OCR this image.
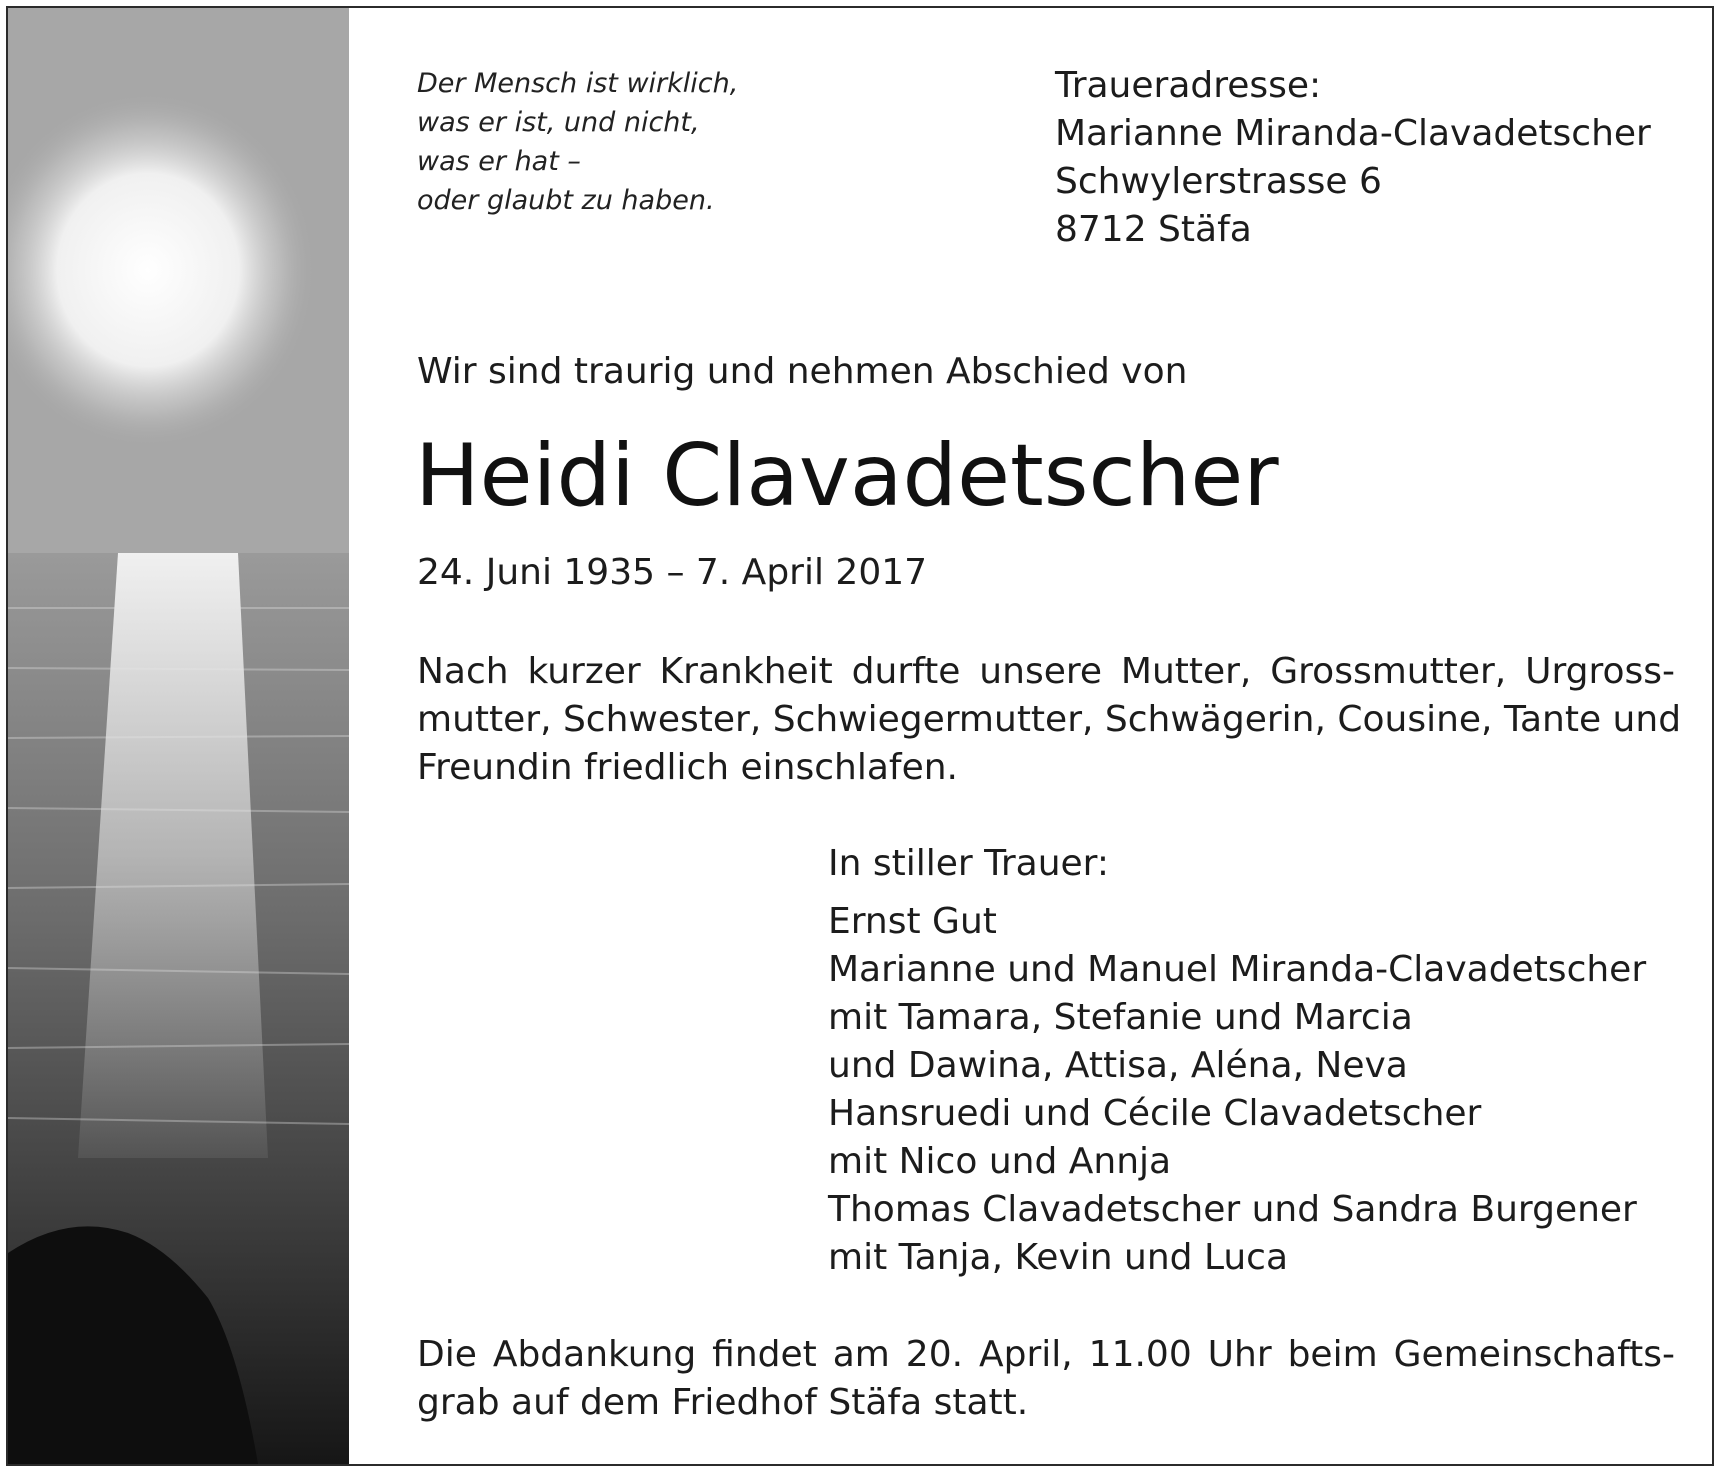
Der Mensch ist wirklich,
was er ist, und nicht,
was er hat –
oder glaubt zu haben.
Traueradresse:
Marianne Miranda-Clavadetscher
Schwylerstrasse 6
8712 Stäfa
Wir sind traurig und nehmen Abschied von
Heidi Clavadetscher
24. Juni 1935 – 7. April 2017
Nach kurzer Krankheit durfte unsere Mutter, Grossmutter, Urgross-
mutter, Schwester, Schwiegermutter, Schwägerin, Cousine, Tante und
Freundin friedlich einschlafen.
In stiller Trauer:
Ernst Gut
Marianne und Manuel Miranda-Clavadetscher
mit Tamara, Stefanie und Marcia
und Dawina, Attisa, Aléna, Neva
Hansruedi und Cécile Clavadetscher
mit Nico und Annja
Thomas Clavadetscher und Sandra Burgener
mit Tanja, Kevin und Luca
Die Abdankung findet am 20. April, 11.00 Uhr beim Gemeinschafts-
grab auf dem Friedhof Stäfa statt.
